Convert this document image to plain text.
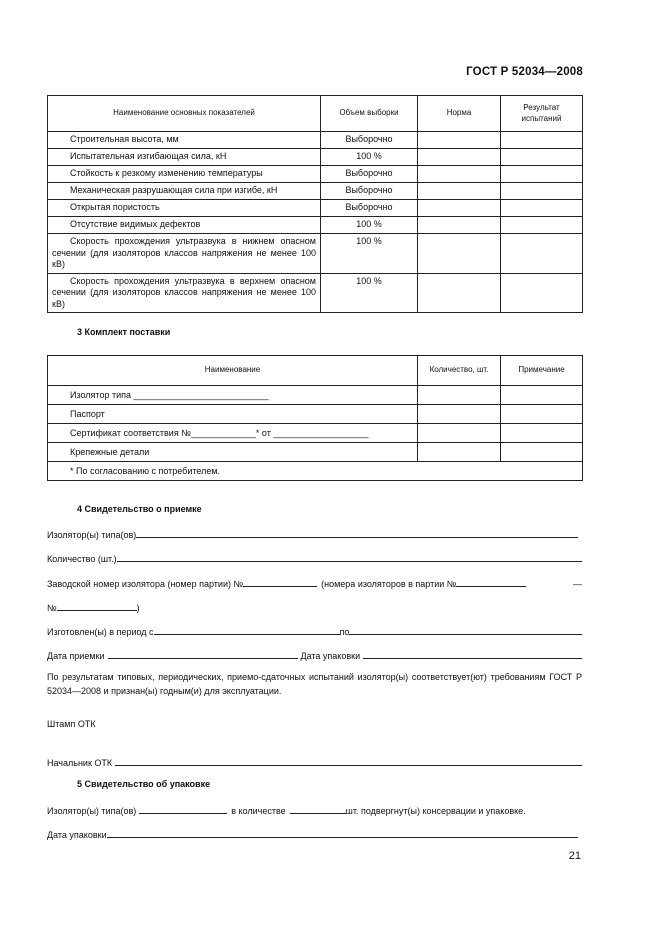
ГОСТ Р 52034—2008
Наименование основных показателей	Объем выборки	Норма	Результат испытаний
Строительная высота, мм	Выборочно		
Испытательная изгибающая сила, кН	100 %		
Стойкость к резкому изменению температуры	Выборочно		
Механическая разрушающая сила при изгибе, кН	Выборочно		
Открытая пористость	Выборочно		
Отсутствие видимых дефектов	100 %		
Скорость прохождения ультразвука в нижнем опасном сечении (для изоляторов классов напряжения не менее 100 кВ)	100 %		
Скорость прохождения ультразвука в верхнем опасном сечении (для изоляторов классов напряжения не менее 100 кВ)	100 %		
3 Комплект поставки
Наименование	Количество, шт.	Примечание
Изолятор типа ___________________________		
Паспорт		
Сертификат соответствия №_____________* от ___________________		
Крепежные детали		
* По согласованию с потребителем.		
4 Свидетельство о приемке
Изолятор(ы) типа(ов)
Количество (шт.)
Заводской номер изолятора (номер партии) №	(номера изоляторов в партии №	—
№	)
Изготовлен(ы) в период с	по
Дата приемки	Дата упаковки
По результатам типовых, периодических, приемо-сдаточных испытаний изолятор(ы) соответствует(ют) требованиям ГОСТ Р 52034—2008 и признан(ы) годным(и) для эксплуатации.
Штамп ОТК
Начальник ОТК
5 Свидетельство об упаковке
Изолятор(ы) типа(ов)	в количестве	шт. подвергнут(ы) консервации и упаковке.
Дата упаковки
21
